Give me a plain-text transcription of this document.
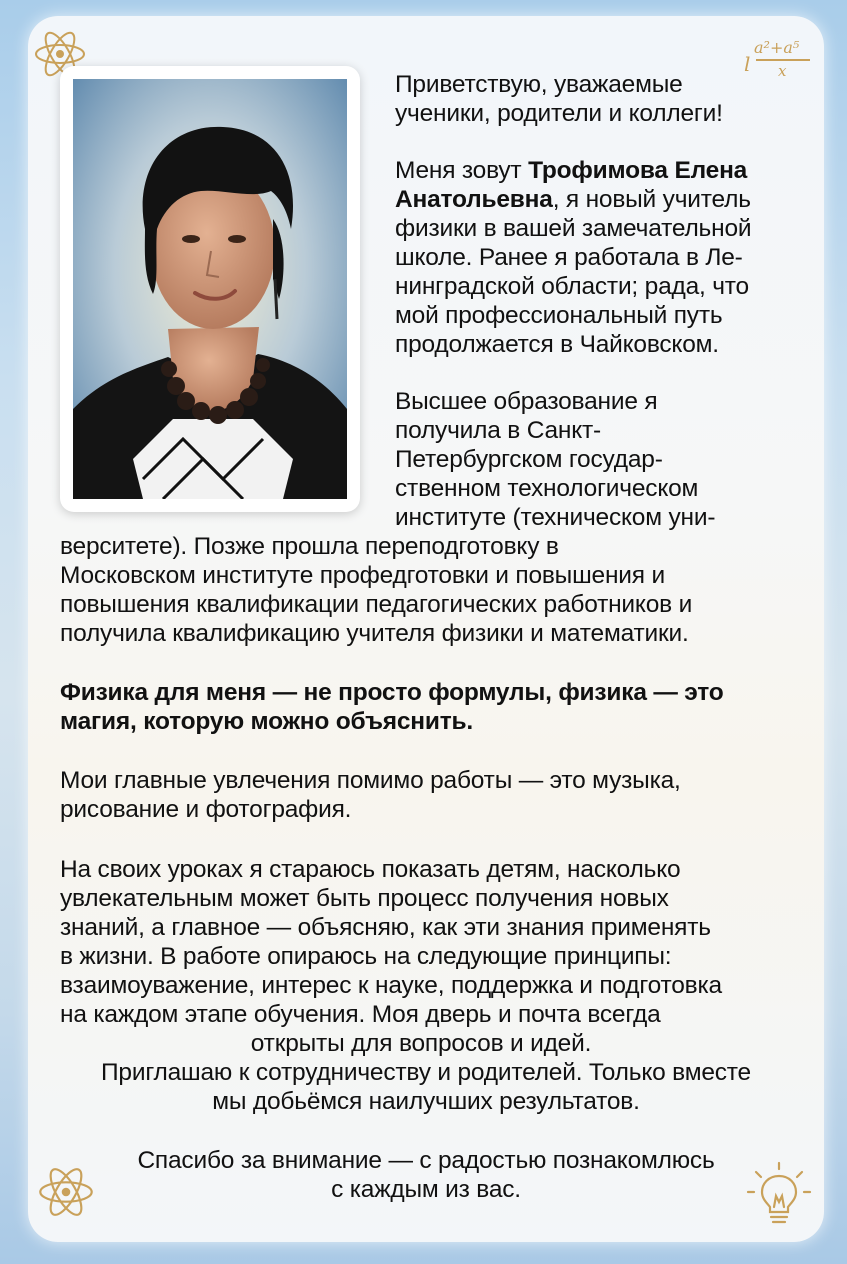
l
a²+a⁵
x

Приветствую, уважаемые

ученики, родители и коллеги!

Меня зовут Трофимова Елена

Анатольевна, я новый учитель

физики в вашей замечательной

школе. Ранее я работала в Ле-

нинградской области; рада, что

мой профессиональный путь

продолжается в Чайковском.

Высшее образование я

получила в Санкт-

Петербургском государ-

ственном технологическом

институте (техническом уни-

верситете). Позже прошла переподготовку в

Московском институте профедготовки и повышения и

повышения квалификации педагогических работников и

получила квалификацию учителя физики и математики.

Физика для меня — не просто формулы, физика — это

магия, которую можно объяснить.

Мои главные увлечения помимо работы — это музыка,

рисование и фотография.

На своих уроках я стараюсь показать детям, насколько

увлекательным может быть процесс получения новых

знаний, а главное — объясняю, как эти знания применять

в жизни. В работе опираюсь на следующие принципы:

взаимоуважение, интерес к науке, поддержка и подготовка

на каждом этапе обучения. Моя дверь и почта всегда

открыты для вопросов и идей.

Приглашаю к сотрудничеству и родителей. Только вместе

мы добьёмся наилучших результатов.

Спасибо за внимание — с радостью познакомлюсь

с каждым из вас.
